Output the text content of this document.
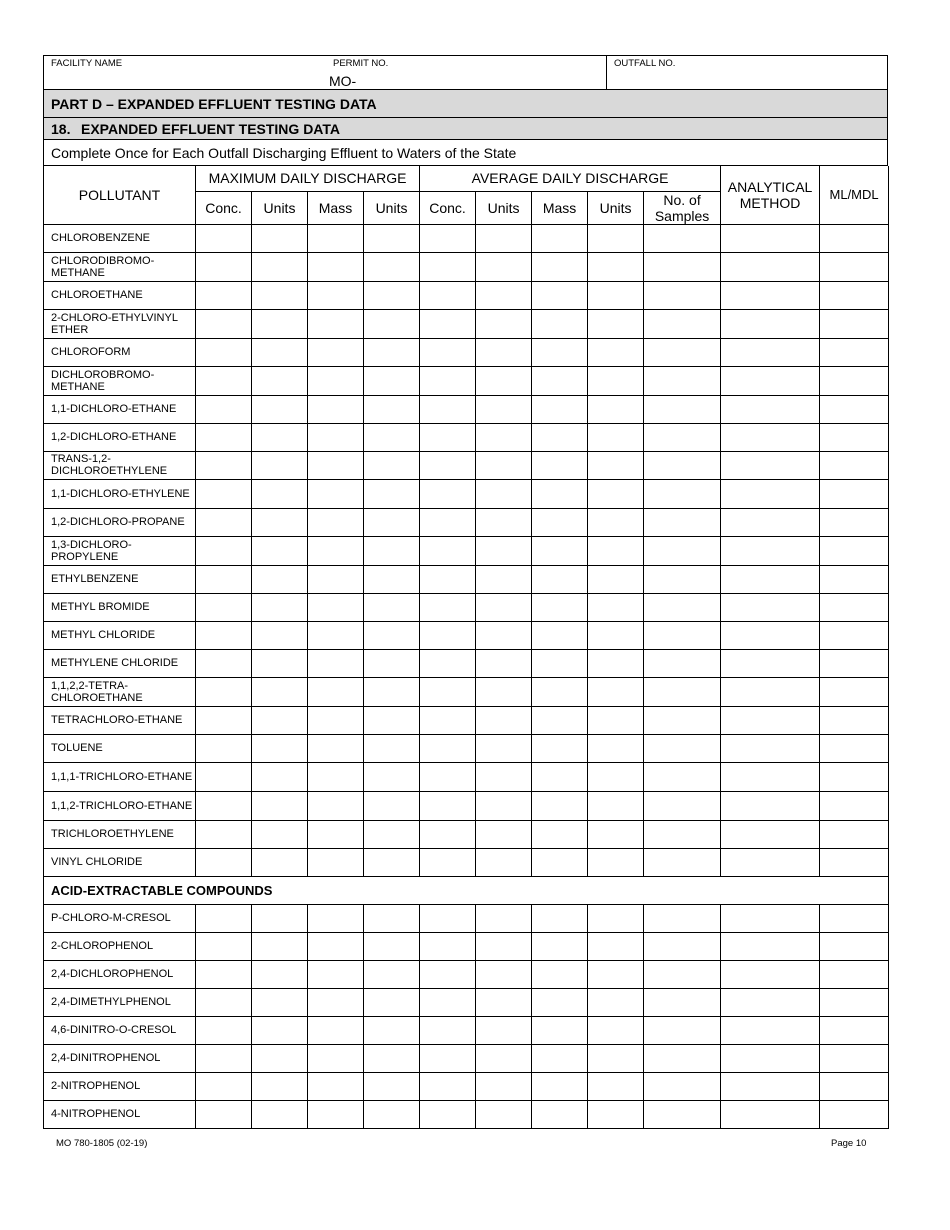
FACILITY NAME	PERMIT NO.
MO-
OUTFALL NO.
PART D – EXPANDED EFFLUENT TESTING DATA
18. EXPANDED EFFLUENT TESTING DATA
Complete Once for Each Outfall Discharging Effluent to Waters of the State
POLLUTANT	MAXIMUM DAILY DISCHARGE				AVERAGE DAILY DISCHARGE					ANALYTICAL METHOD	ML/MDL
	Conc.	Units	Mass	Units	Conc.	Units	Mass	Units	No. of Samples		
CHLOROBENZENE											
CHLORODIBROMO-METHANE											
CHLOROETHANE											
2-CHLORO-ETHYLVINYL ETHER											
CHLOROFORM											
DICHLOROBROMO-METHANE											
1,1-DICHLORO-ETHANE											
1,2-DICHLORO-ETHANE											
TRANS-1,2-DICHLOROETHYLENE											
1,1-DICHLORO-ETHYLENE											
1,2-DICHLORO-PROPANE											
1,3-DICHLORO-PROPYLENE											
ETHYLBENZENE											
METHYL BROMIDE											
METHYL CHLORIDE											
METHYLENE CHLORIDE											
1,1,2,2-TETRA-CHLOROETHANE											
TETRACHLORO-ETHANE											
TOLUENE											
1,1,1-TRICHLORO-ETHANE											
1,1,2-TRICHLORO-ETHANE											
TRICHLOROETHYLENE											
VINYL CHLORIDE											
ACID-EXTRACTABLE COMPOUNDS											
P-CHLORO-M-CRESOL											
2-CHLOROPHENOL											
2,4-DICHLOROPHENOL											
2,4-DIMETHYLPHENOL											
4,6-DINITRO-O-CRESOL											
2,4-DINITROPHENOL											
2-NITROPHENOL											
4-NITROPHENOL											
MO 780-1805 (02-19)	Page 10
